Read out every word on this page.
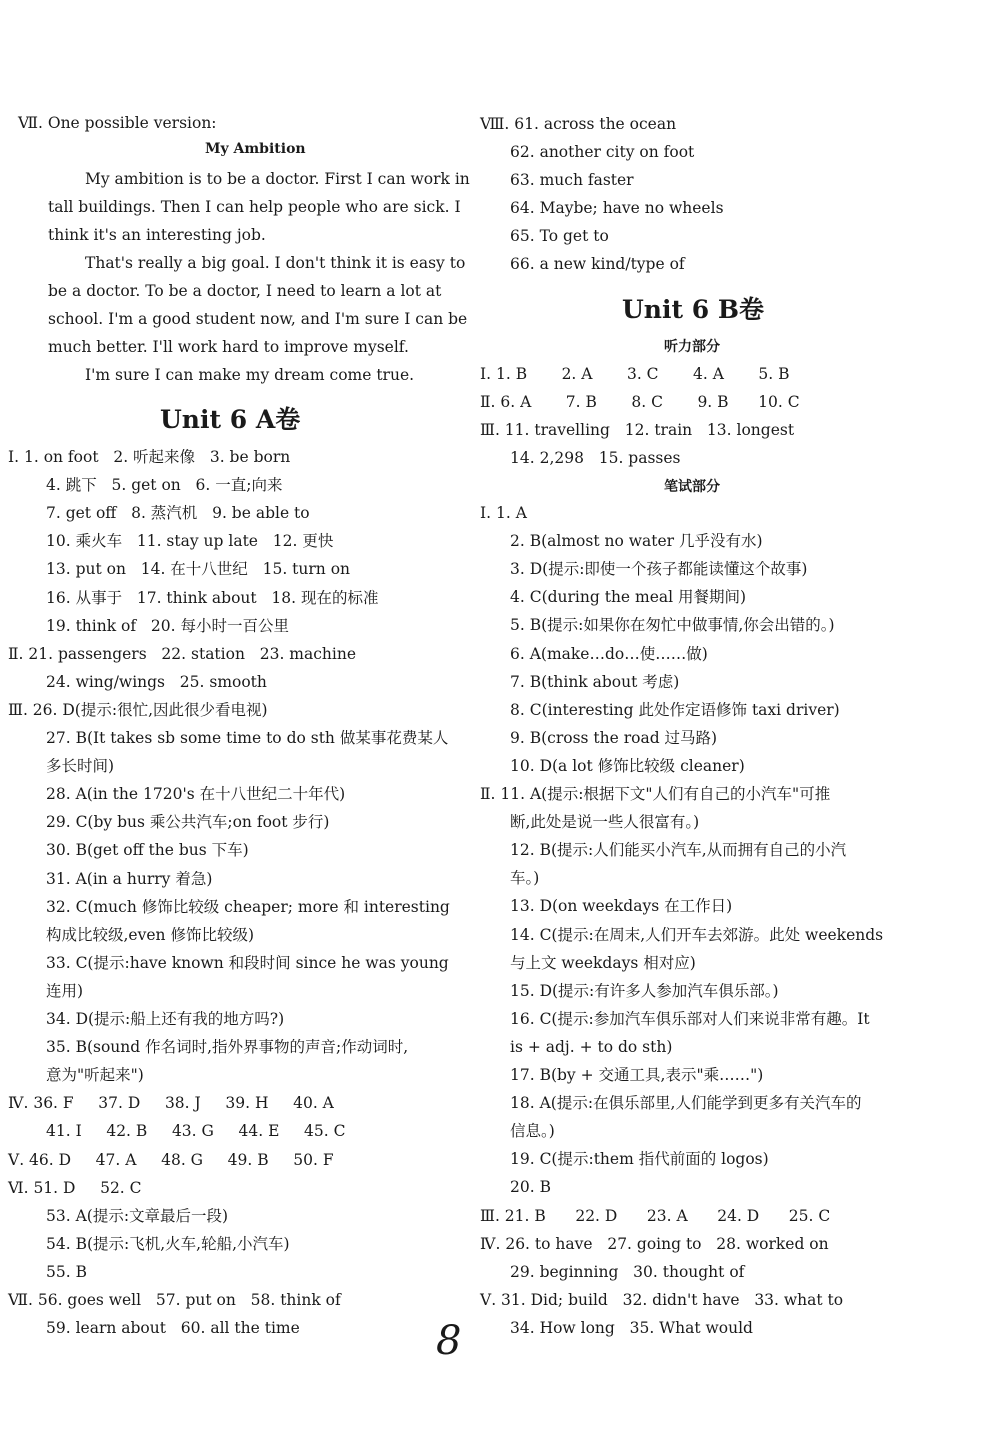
Ⅶ. One possible version:
My Ambition
My ambition is to be a doctor. First I can work in
tall buildings. Then I can help people who are sick. I
think it's an interesting job.
That's really a big goal. I don't think it is easy to
be a doctor. To be a doctor, I need to learn a lot at
school. I'm a good student now, and I'm sure I can be
much better. I'll work hard to improve myself.
I'm sure I can make my dream come true.
Unit 6 A卷
Ⅰ. 1. on foot   2. 听起来像   3. be born
4. 跳下   5. get on   6. 一直;向来
7. get off   8. 蒸汽机   9. be able to
10. 乘火车   11. stay up late   12. 更快
13. put on   14. 在十八世纪   15. turn on
16. 从事于   17. think about   18. 现在的标准
19. think of   20. 每小时一百公里
Ⅱ. 21. passengers   22. station   23. machine
24. wing/wings   25. smooth
Ⅲ. 26. D(提示:很忙,因此很少看电视)
27. B(It takes sb some time to do sth 做某事花费某人
多长时间)
28. A(in the 1720's 在十八世纪二十年代)
29. C(by bus 乘公共汽车;on foot 步行)
30. B(get off the bus 下车)
31. A(in a hurry 着急)
32. C(much 修饰比较级 cheaper; more 和 interesting
构成比较级,even 修饰比较级)
33. C(提示:have known 和段时间 since he was young
连用)
34. D(提示:船上还有我的地方吗?)
35. B(sound 作名词时,指外界事物的声音;作动词时,
意为"听起来")
Ⅳ. 36. F     37. D     38. J     39. H     40. A
41. I     42. B     43. G     44. E     45. C
Ⅴ. 46. D     47. A     48. G     49. B     50. F
Ⅵ. 51. D     52. C
53. A(提示:文章最后一段)
54. B(提示:飞机,火车,轮船,小汽车)
55. B
Ⅶ. 56. goes well   57. put on   58. think of
59. learn about   60. all the time
Ⅷ. 61. across the ocean
62. another city on foot
63. much faster
64. Maybe; have no wheels
65. To get to
66. a new kind/type of
Unit 6 B卷
听力部分
Ⅰ. 1. B       2. A       3. C       4. A       5. B
Ⅱ. 6. A       7. B       8. C       9. B      10. C
Ⅲ. 11. travelling   12. train   13. longest
14. 2,298   15. passes
笔试部分
Ⅰ. 1. A
2. B(almost no water 几乎没有水)
3. D(提示:即使一个孩子都能读懂这个故事)
4. C(during the meal 用餐期间)
5. B(提示:如果你在匆忙中做事情,你会出错的。)
6. A(make…do…使……做)
7. B(think about 考虑)
8. C(interesting 此处作定语修饰 taxi driver)
9. B(cross the road 过马路)
10. D(a lot 修饰比较级 cleaner)
Ⅱ. 11. A(提示:根据下文"人们有自己的小汽车"可推
断,此处是说一些人很富有。)
12. B(提示:人们能买小汽车,从而拥有自己的小汽
车。)
13. D(on weekdays 在工作日)
14. C(提示:在周末,人们开车去郊游。此处 weekends
与上文 weekdays 相对应)
15. D(提示:有许多人参加汽车俱乐部。)
16. C(提示:参加汽车俱乐部对人们来说非常有趣。It
is + adj. + to do sth)
17. B(by + 交通工具,表示"乘……")
18. A(提示:在俱乐部里,人们能学到更多有关汽车的
信息。)
19. C(提示:them 指代前面的 logos)
20. B
Ⅲ. 21. B      22. D      23. A      24. D      25. C
Ⅳ. 26. to have   27. going to   28. worked on
29. beginning   30. thought of
Ⅴ. 31. Did; build   32. didn't have   33. what to
34. How long   35. What would
8
